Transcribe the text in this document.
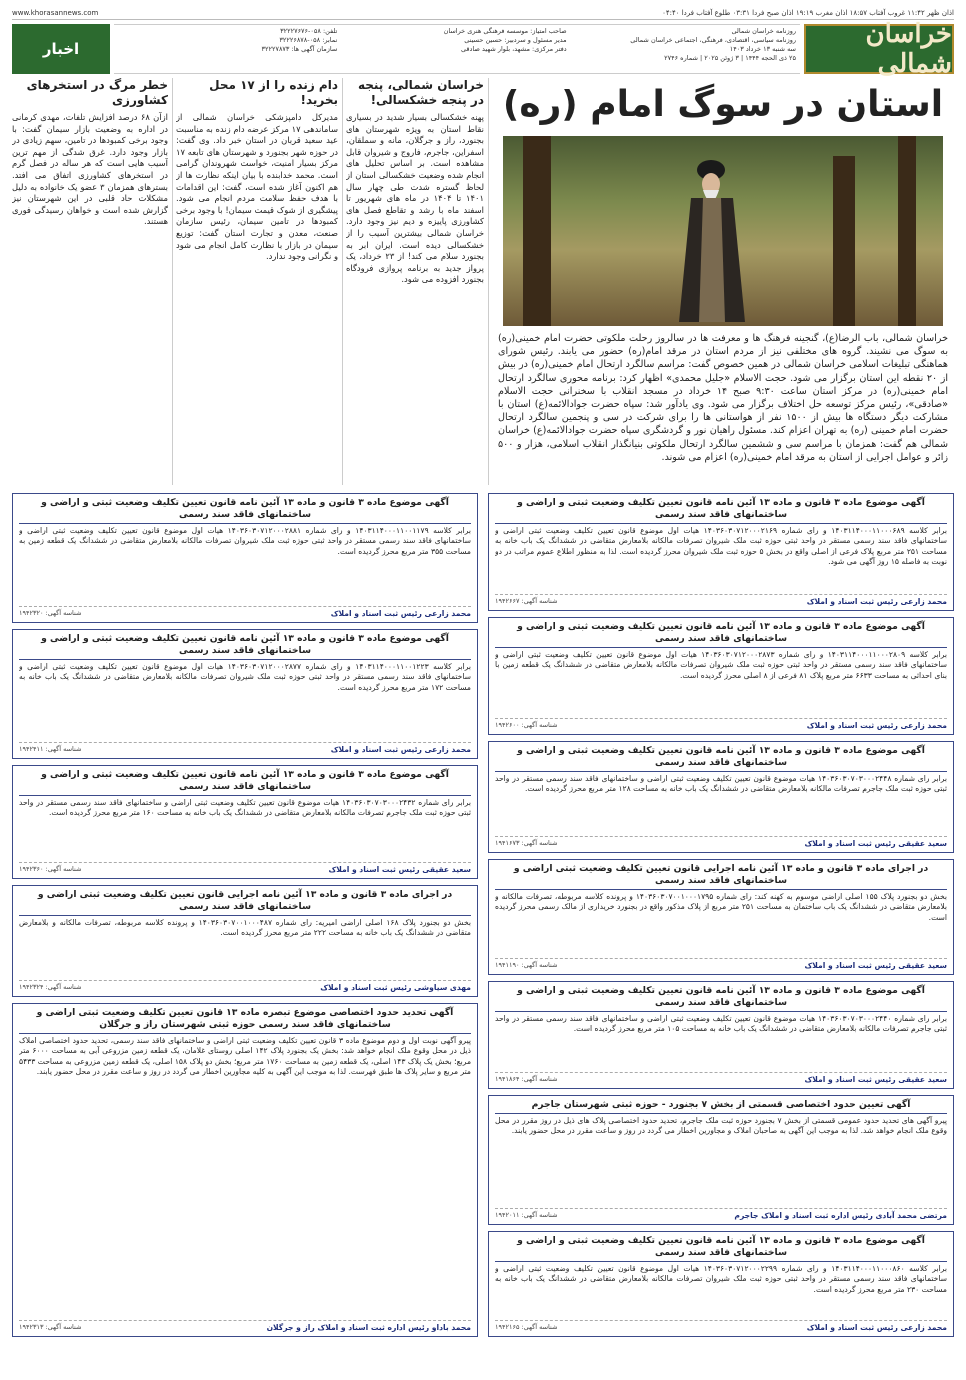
www.khorasannews.com	اذان ظهر ۱۱:۴۲ غروب آفتاب ۱۸:۵۷ اذان مغرب ۱۹:۱۹ اذان صبح فردا ۰۳:۳۱ طلوع آفتاب فردا ۰۴:۴۰
خراسان شمالی
روزنامه خراسان شمالی
روزنامه سیاسی، اقتصادی، فرهنگی، اجتماعی خراسان شمالی
سه شنبه ۱۳ خرداد ۱۴۰۳
۲۵ ذی الحجه ۱۴۴۴ | ۳ ژوئن ۲۰۲۵ | شماره ۲۷۴۶
صاحب امتیاز: موسسه فرهنگی هنری خراسان
مدیر مسئول و سردبیر: حسین حسینی
دفتر مرکزی: مشهد، بلوار شهید صادقی
تلفن: ۰۵۸-۳۲۲۲۷۶۷۶
نمابر: ۰۵۸-۳۲۲۲۶۸۷۸
سازمان آگهی ها: ۳۲۲۲۷۸۷۳
اخبار
استان در سوگ امام (ره)
خراسان شمالی، باب الرضا(ع)، گنجینه فرهنگ ها و معرفت ها در سالروز رحلت ملکوتی حضرت امام خمینی(ره) به سوگ می نشیند. گروه های مختلفی نیز از مردم استان در مرقد امام(ره) حضور می یابند. رئیس شورای هماهنگی تبلیغات اسلامی خراسان شمالی در همین خصوص گفت: مراسم سالگرد ارتحال امام خمینی(ره) در بیش از ۲۰ نقطه این استان برگزار می شود. حجت الاسلام «جلیل محمدی» اظهار کرد: برنامه محوری سالگرد ارتحال امام خمینی(ره) در مرکز استان ساعت ۹:۳۰ صبح ۱۴ خرداد در مسجد انقلاب با سخنرانی حجت الاسلام «صادقی»، رئیس مرکز توسعه حل اختلاف برگزار می شود. وی یادآور شد: سپاه حضرت جوادالائمه(ع) استان با مشارکت دیگر دستگاه ها بیش از ۱۵۰۰ نفر از هواستانی ها را برای شرکت در سی و پنجمین سالگرد ارتحال حضرت امام خمینی (ره) به تهران اعزام کند. مسئول راهیان نور و گردشگری سپاه حضرت جوادالائمه(ع) خراسان شمالی هم گفت: همزمان با مراسم سی و ششمین سالگرد ارتحال ملکوتی بنیانگذار انقلاب اسلامی، هزار و ۵۰۰ زائر و عوامل اجرایی از استان به مرقد امام خمینی(ره) اعزام می شوند.
خراسان شمالی، پنجه در پنجه خشکسالی!
پهنه خشکسالی بسیار شدید در بسیاری نقاط استان به ویژه شهرستان های بجنورد، راز و جرگلان، مانه و سملقان، اسفراین، جاجرم، فاروج و شیروان قابل مشاهده است. بر اساس تحلیل های انجام شده وضعیت خشکسالی استان از لحاظ گستره شدت طی چهار سال ۱۴۰۱ تا ۱۴۰۴ در ماه های شهریور تا اسفند ماه با رشد و تقاطع فصل های کشاورزی پاییزه و دیم نیز وجود دارد. خراسان شمالی بیشترین آسیب را از خشکسالی دیده است. ایران ابر به بجنورد سلام می کند! از ۲۳ خرداد، یک پرواز جدید به برنامه پروازی فرودگاه بجنورد افزوده می شود.
دام زنده را از ۱۷ محل بخرید!
مدیرکل دامپزشکی خراسان شمالی از ساماندهی ۱۷ مرکز عرضه دام زنده به مناسبت عید سعید قربان در استان خبر داد. وی گفت: در حوزه شهر بجنورد و شهرستان های تابعه ۱۷ مرکز بسیار امنیت، خواست شهروندان گرامی است. محمد خدابنده با بیان اینکه نظارت ها از هم اکنون آغاز شده است، گفت: این اقدامات با هدف حفظ سلامت مردم انجام می شود. پیشگیری از شوک قیمت سیمان! با وجود برخی کمبودها در تامین سیمان، رئیس سازمان صنعت، معدن و تجارت استان گفت: توزیع سیمان در بازار با نظارت کامل انجام می شود و نگرانی وجود ندارد.
خطر مرگ در استخرهای کشاورزی
ازآن ۶۸ درصد افزایش تلفات، مهدی کرمانی در اداره به وضعیت بازار سیمان گفت: با وجود برخی کمبودها در تامین، سهم زیادی در بازار وجود دارد. غرق شدگی از مهم ترین آسیب هایی است که هر ساله در فصل گرم در استخرهای کشاورزی اتفاق می افتد. بسترهای همزمان ۳ عضو یک خانواده به دلیل مشکلات حاد قلبی در این شهرستان نیز گزارش شده است و خواهان رسیدگی فوری هستند.
آگهی موضوع ماده ۳ قانون و ماده ۱۳ آئین نامه قانون تعیین تکلیف وضعیت ثبتی و اراضی و ساختمانهای فاقد سند رسمی
برابر کلاسه ۱۴۰۳۱۱۴۰۰۰۱۱۰۰۰۶۸۹ و رای شماره ۱۴۰۳۶۰۳۰۷۱۲۰۰۰۲۱۶۹ هیات اول موضوع قانون تعیین تکلیف وضعیت ثبتی اراضی و ساختمانهای فاقد سند رسمی مستقر در واحد ثبتی حوزه ثبت ملک شیروان تصرفات مالکانه بلامعارض متقاضی در ششدانگ یک باب خانه به مساحت ۲۵۱ متر مربع پلاک فرعی از اصلی واقع در بخش ۵ حوزه ثبت ملک شیروان محرز گردیده است. لذا به منظور اطلاع عموم مراتب در دو نوبت به فاصله ۱۵ روز آگهی می شود.
محمد زارعی رئیس ثبت اسناد و املاک
شناسه آگهی: ۱۹۴۲۶۶۷
آگهی موضوع ماده ۳ قانون و ماده ۱۳ آئین نامه قانون تعیین تکلیف وضعیت ثبتی و اراضی و ساختمانهای فاقد سند رسمی
برابر کلاسه ۱۴۰۳۱۱۴۰۰۰۱۱۰۰۰۲۸۰۹ و رای شماره ۱۴۰۳۶۰۳۰۷۱۲۰۰۰۲۸۷۳ هیات اول موضوع قانون تعیین تکلیف وضعیت ثبتی اراضی و ساختمانهای فاقد سند رسمی مستقر در واحد ثبتی حوزه ثبت ملک شیروان تصرفات مالکانه بلامعارض متقاضی در ششدانگ یک قطعه زمین با بنای احداثی به مساحت ۶۶۳۳ متر مربع پلاک ۸۱ فرعی از ۸ اصلی محرز گردیده است.
محمد زارعی رئیس ثبت اسناد و املاک
شناسه آگهی: ۱۹۴۲۶۰۰
آگهی موضوع ماده ۳ قانون و ماده ۱۳ آئین نامه قانون تعیین تکلیف وضعیت ثبتی و اراضی و ساختمانهای فاقد سند رسمی
برابر رای شماره ۱۴۰۳۶۰۳۰۷۰۳۰۰۰۲۴۴۸ هیات موضوع قانون تعیین تکلیف وضعیت ثبتی اراضی و ساختمانهای فاقد سند رسمی مستقر در واحد ثبتی حوزه ثبت ملک جاجرم تصرفات مالکانه بلامعارض متقاضی در ششدانگ یک باب خانه به مساحت ۱۲۸ متر مربع محرز گردیده است.
سعید عقیقی رئیس ثبت اسناد و املاک
شناسه آگهی: ۱۹۴۱۶۷۳
در اجرای ماده ۳ قانون و ماده ۱۳ آئین نامه اجرایی قانون تعیین تکلیف وضعیت ثبتی اراضی و ساختمانهای فاقد سند رسمی
بخش دو بجنورد پلاک ۱۵۵ اصلی اراضی موسوم به کهنه کند: رای شماره ۱۴۰۳۶۰۳۰۷۰۰۱۰۰۰۱۷۹۵ و پرونده کلاسه مربوطه، تصرفات مالکانه و بلامعارض متقاضی در ششدانگ یک باب ساختمان به مساحت ۲۵۱ متر مربع از پلاک مذکور واقع در بجنورد خریداری از مالک رسمی محرز گردیده است.
سعید عقیقی رئیس ثبت اسناد و املاک
شناسه آگهی: ۱۹۴۱۱۹۰
آگهی موضوع ماده ۳ قانون و ماده ۱۳ آئین نامه قانون تعیین تکلیف وضعیت ثبتی و اراضی و ساختمانهای فاقد سند رسمی
برابر رای شماره ۱۴۰۳۶۰۳۰۷۰۳۰۰۰۲۴۴۰ هیات موضوع قانون تعیین تکلیف وضعیت ثبتی اراضی و ساختمانهای فاقد سند رسمی مستقر در واحد ثبتی جاجرم تصرفات مالکانه بلامعارض متقاضی در ششدانگ یک باب خانه به مساحت ۱۰۵ متر مربع محرز گردیده است.
سعید عقیقی رئیس ثبت اسناد و املاک
شناسه آگهی: ۱۹۴۱۸۶۴
آگهی تعیین حدود اختصاصی قسمتی از بخش ۷ بجنورد - حوزه ثبتی شهرستان جاجرم
پیرو آگهی های تحدید حدود عمومی قسمتی از بخش ۷ بجنورد حوزه ثبت ملک جاجرم، تحدید حدود اختصاصی پلاک های ذیل در روز مقرر در محل وقوع ملک انجام خواهد شد. لذا به موجب این آگهی به صاحبان املاک و مجاورین اخطار می گردد در روز و ساعت مقرر در محل حضور یابند.
مرتضی محمد آبادی رئیس اداره ثبت اسناد و املاک جاجرم
شناسه آگهی: ۱۹۴۲۰۱۱
آگهی موضوع ماده ۳ قانون و ماده ۱۳ آئین نامه قانون تعیین تکلیف وضعیت ثبتی و اراضی و ساختمانهای فاقد سند رسمی
برابر کلاسه ۱۴۰۳۱۱۴۰۰۰۱۱۰۰۰۸۶۰ و رای شماره ۱۴۰۳۶۰۳۰۷۱۲۰۰۰۲۲۹۹ هیات اول موضوع قانون تعیین تکلیف وضعیت ثبتی اراضی و ساختمانهای فاقد سند رسمی مستقر در واحد ثبتی حوزه ثبت ملک شیروان تصرفات مالکانه بلامعارض متقاضی در ششدانگ یک باب خانه به مساحت ۲۳۰ متر مربع محرز گردیده است.
محمد زارعی رئیس ثبت اسناد و املاک
شناسه آگهی: ۱۹۴۲۱۶۵
آگهی موضوع ماده ۳ قانون و ماده ۱۳ آئین نامه قانون تعیین تکلیف وضعیت ثبتی و اراضی و ساختمانهای فاقد سند رسمی
برابر کلاسه ۱۴۰۳۱۱۴۰۰۰۱۱۰۰۱۱۷۹ و رای شماره ۱۴۰۳۶۰۳۰۷۱۲۰۰۰۲۸۸۱ هیات اول موضوع قانون تعیین تکلیف وضعیت ثبتی اراضی و ساختمانهای فاقد سند رسمی مستقر در واحد ثبتی حوزه ثبت ملک شیروان تصرفات مالکانه بلامعارض متقاضی در ششدانگ یک قطعه زمین به مساحت ۳۵۵ متر مربع محرز گردیده است.
محمد زارعی رئیس ثبت اسناد و املاک
شناسه آگهی: ۱۹۴۲۳۲۰
آگهی موضوع ماده ۳ قانون و ماده ۱۳ آئین نامه قانون تعیین تکلیف وضعیت ثبتی و اراضی و ساختمانهای فاقد سند رسمی
برابر کلاسه ۱۴۰۳۱۱۴۰۰۰۱۱۰۰۱۲۲۳ و رای شماره ۱۴۰۳۶۰۳۰۷۱۲۰۰۰۲۸۷۷ هیات اول موضوع قانون تعیین تکلیف وضعیت ثبتی اراضی و ساختمانهای فاقد سند رسمی مستقر در واحد ثبتی حوزه ثبت ملک شیروان تصرفات مالکانه بلامعارض متقاضی در ششدانگ یک باب خانه به مساحت ۱۷۲ متر مربع محرز گردیده است.
محمد زارعی رئیس ثبت اسناد و املاک
شناسه آگهی: ۱۹۴۲۴۱۱
آگهی موضوع ماده ۳ قانون و ماده ۱۳ آئین نامه قانون تعیین تکلیف وضعیت ثبتی و اراضی و ساختمانهای فاقد سند رسمی
برابر رای شماره ۱۴۰۳۶۰۳۰۷۰۳۰۰۰۲۴۳۲ هیات موضوع قانون تعیین تکلیف وضعیت ثبتی اراضی و ساختمانهای فاقد سند رسمی مستقر در واحد ثبتی حوزه ثبت ملک جاجرم تصرفات مالکانه بلامعارض متقاضی در ششدانگ یک باب خانه به مساحت ۱۶۰ متر مربع محرز گردیده است.
سعید عقیقی رئیس ثبت اسناد و املاک
شناسه آگهی: ۱۹۴۲۳۶۰
در اجرای ماده ۳ قانون و ماده ۱۳ آئین نامه اجرایی قانون تعیین تکلیف وضعیت ثبتی اراضی و ساختمانهای فاقد سند رسمی
بخش دو بجنورد پلاک ۱۶۸ اصلی اراضی امیریه: رای شماره ۱۴۰۳۶۰۳۰۷۰۰۱۰۰۰۴۸۷ و پرونده کلاسه مربوطه، تصرفات مالکانه و بلامعارض متقاضی در ششدانگ یک باب خانه به مساحت ۲۲۲ متر مربع محرز گردیده است.
مهدی سیاوشی رئیس ثبت اسناد و املاک
شناسه آگهی: ۱۹۴۲۳۲۴
آگهی تحدید حدود اختصاصی موضوع تبصره ماده ۱۳ قانون تعیین تکلیف وضعیت ثبتی اراضی و ساختمانهای فاقد سند رسمی حوزه ثبتی شهرستان راز و جرگلان
پیرو آگهی نوبت اول و دوم موضوع ماده ۳ قانون تعیین تکلیف وضعیت ثبتی اراضی و ساختمانهای فاقد سند رسمی، تحدید حدود اختصاصی املاک ذیل در محل وقوع ملک انجام خواهد شد: بخش یک بجنورد پلاک ۱۴۲ اصلی روستای غلامان، یک قطعه زمین مزروعی آبی به مساحت ۶۰۰۰ متر مربع؛ بخش یک پلاک ۱۴۳ اصلی، یک قطعه زمین به مساحت ۱۷۶۰ متر مربع؛ بخش دو پلاک ۱۵۸ اصلی، یک قطعه زمین مزروعی به مساحت ۵۴۳۳ متر مربع و سایر پلاک ها طبق فهرست. لذا به موجب این آگهی به کلیه مجاورین اخطار می گردد در روز و ساعت مقرر در محل حضور یابند.
محمد باداو رئیس اداره ثبت اسناد و املاک راز و جرگلان
شناسه آگهی: ۱۹۴۲۳۱۳
